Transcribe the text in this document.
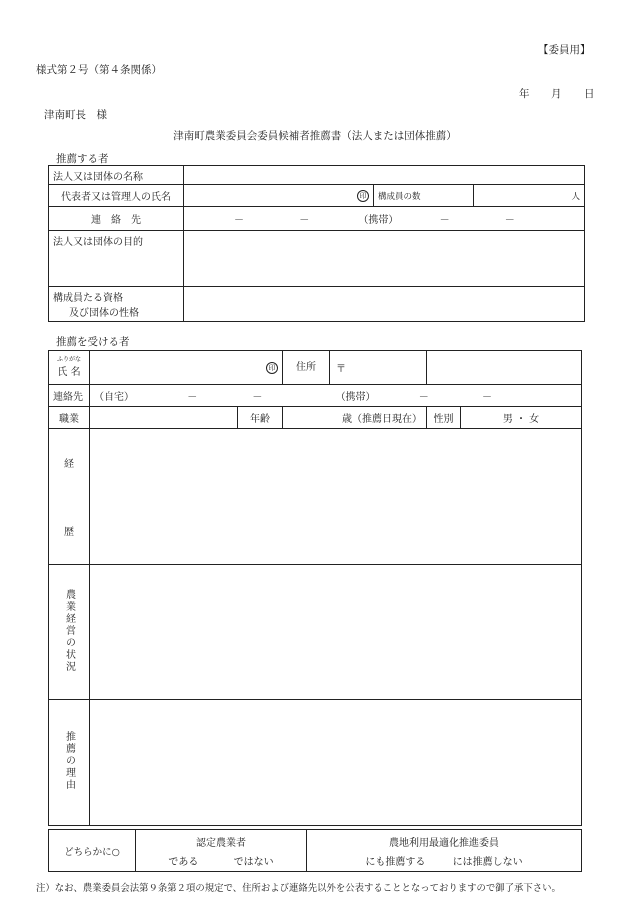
【委員用】
様式第２号（第４条関係）
年 月 日
津南町長　様
津南町農業委員会委員候補者推薦書（法人または団体推薦）
推薦する者
法人又は団体の名称			
代表者又は管理人の氏名	印	構成員の数	人
連　絡　先	－ － （携帯） － －		
法人又は団体の目的			

構成員たる資格
及び団体の性格			

推薦を受ける者
ふりがな
氏 名	印		住所 〒		

連絡先	（自宅） － － （携帯） － －				
職業		年齢	歳（推薦日現在）	性別	男 ・ 女

経
歴					

農業経営の状況					
推薦の理由					
どちらかに○	
認定農業者
である	ではない

農地利用最適化推進委員
にも推薦する	には推薦しない
注）なお、農業委員会法第９条第２項の規定で、住所および連絡先以外を公表することとなっておりますので御了承下さい。
